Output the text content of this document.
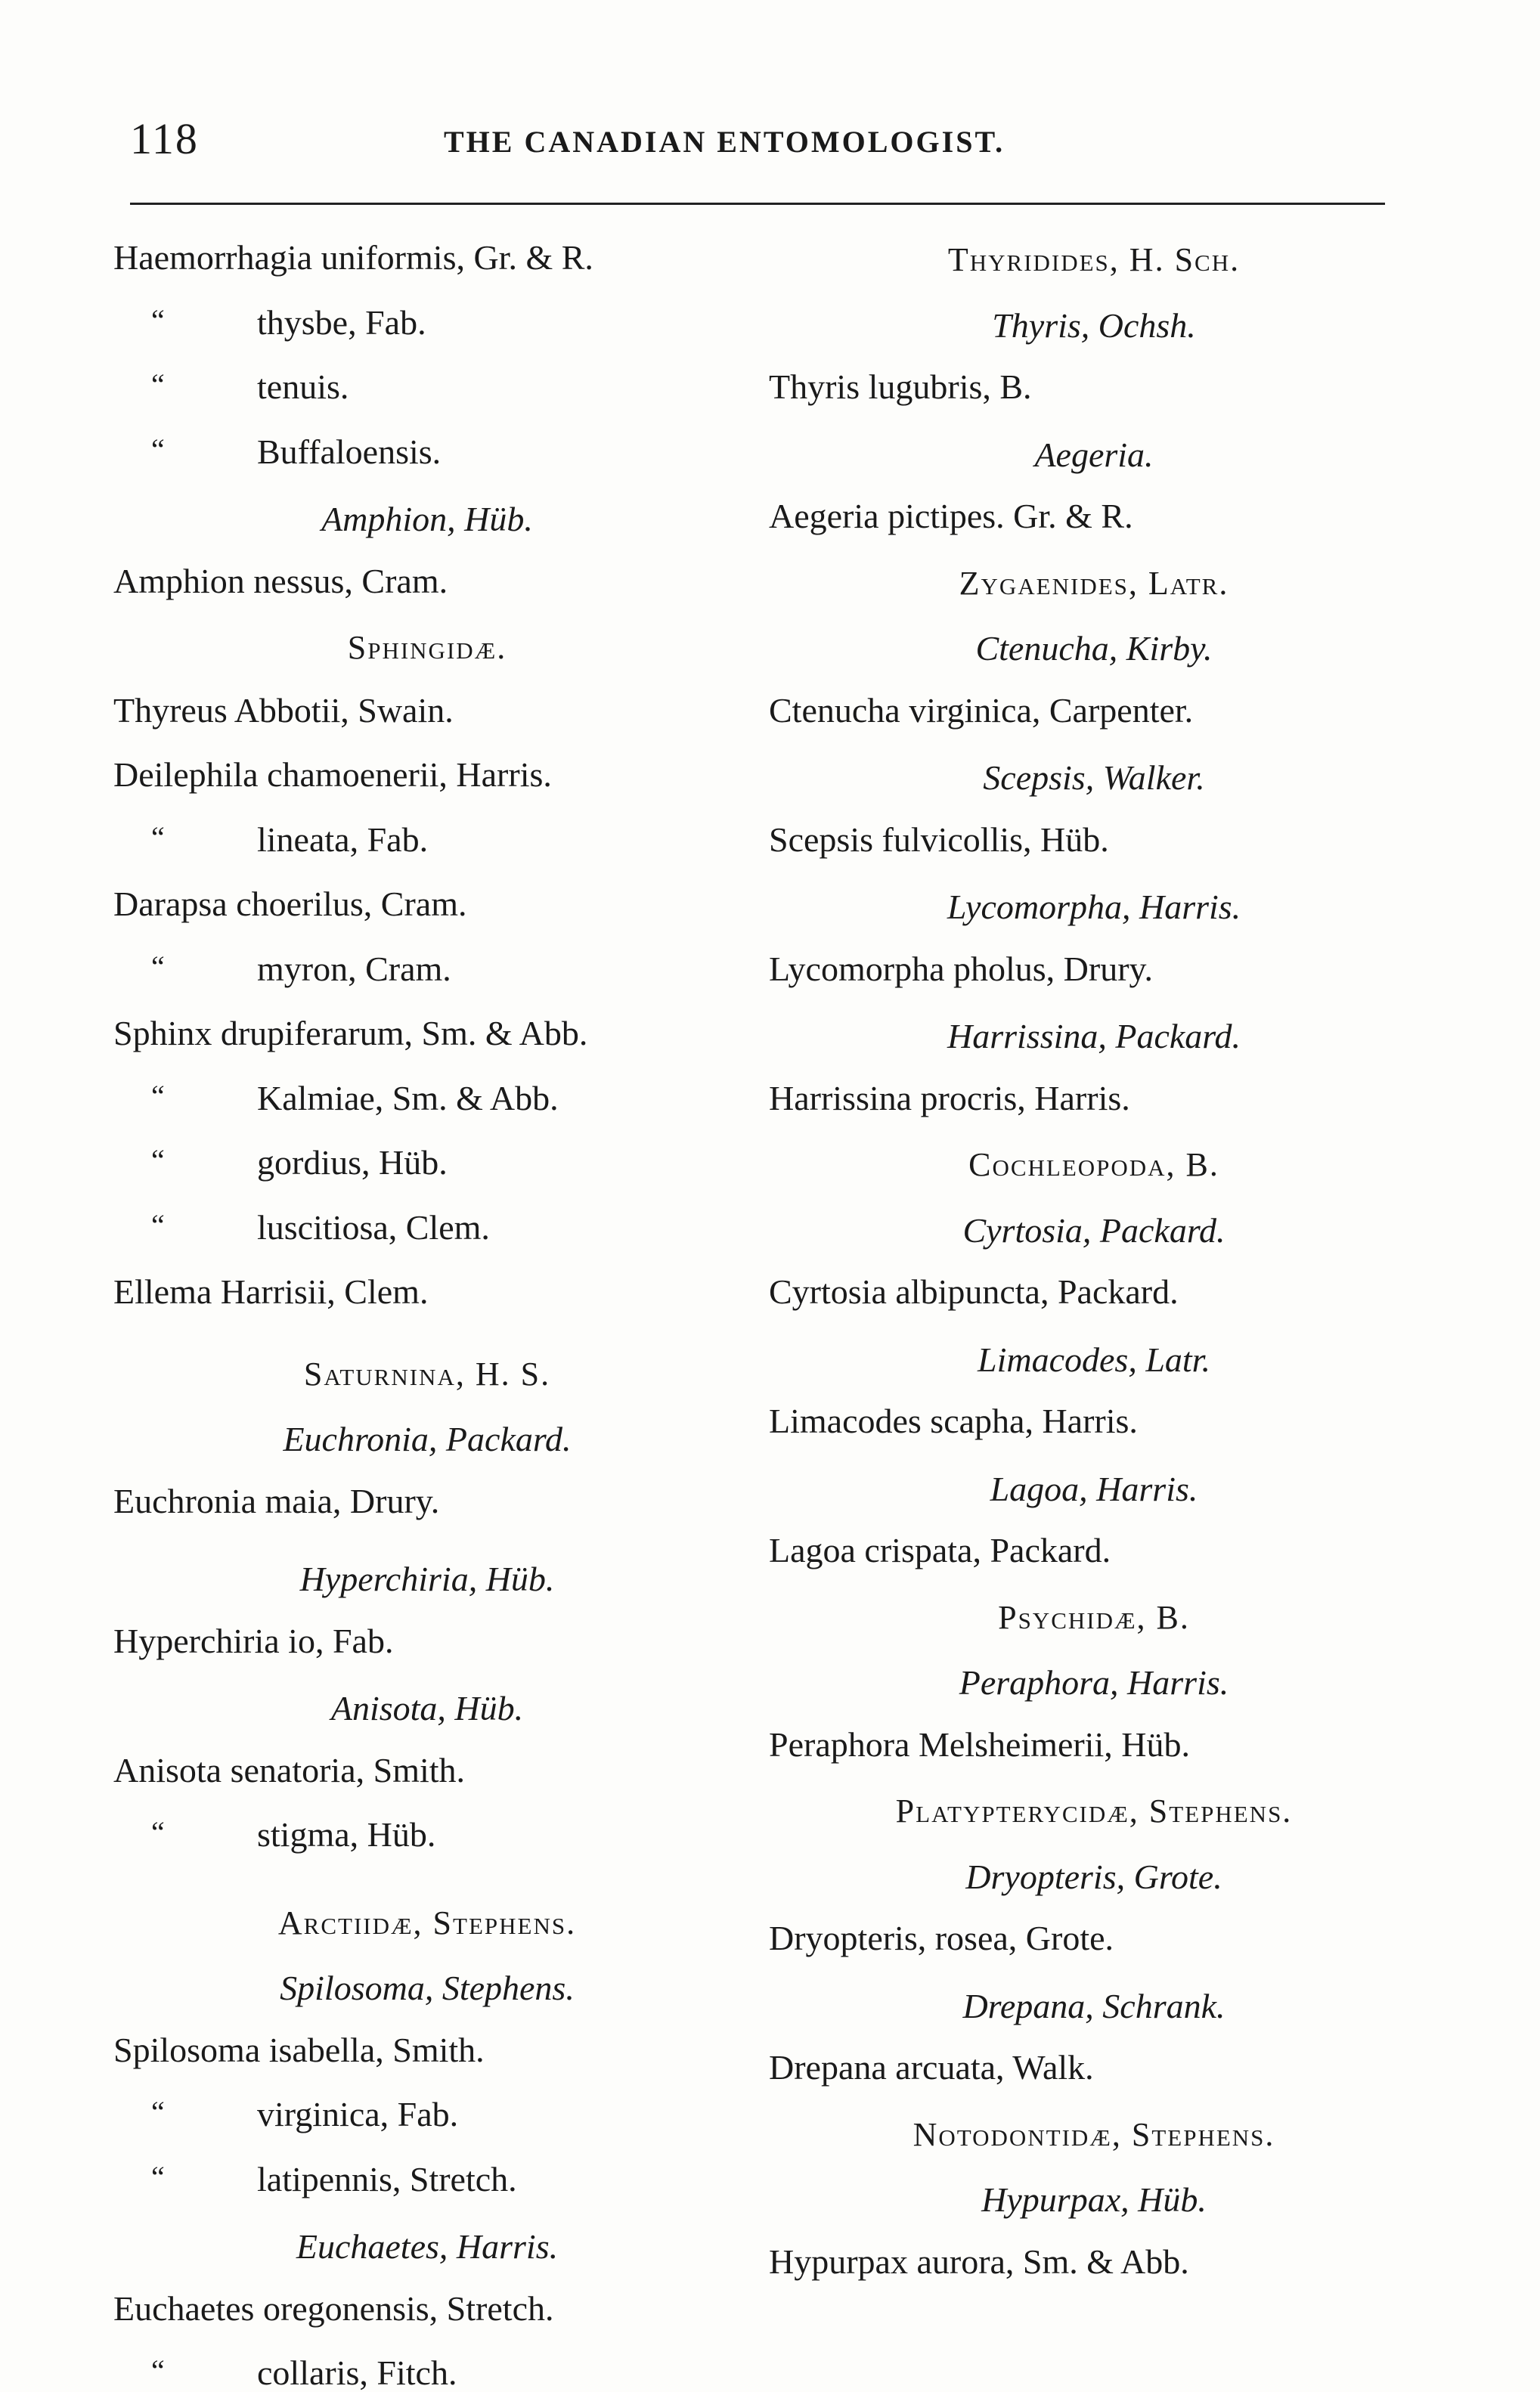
118	THE CANADIAN ENTOMOLOGIST.
Haemorrhagia uniformis, Gr. & R.
“	thysbe, Fab.
“	tenuis.
“	Buffaloensis.
Amphion, Hüb.
Amphion nessus, Cram.
Sphingidæ.
Thyreus Abbotii, Swain.
Deilephila chamoenerii, Harris.
“	lineata, Fab.
Darapsa choerilus, Cram.
“	myron, Cram.
Sphinx drupiferarum, Sm. & Abb.
“	Kalmiae, Sm. & Abb.
“	gordius, Hüb.
“	luscitiosa, Clem.
Ellema Harrisii, Clem.
Saturnina, H. S.
Euchronia, Packard.
Euchronia maia, Drury.
Hyperchiria, Hüb.
Hyperchiria io, Fab.
Anisota, Hüb.
Anisota senatoria, Smith.
“	stigma, Hüb.
Arctiidæ, Stephens.
Spilosoma, Stephens.
Spilosoma isabella, Smith.
“	virginica, Fab.
“	latipennis, Stretch.
Euchaetes, Harris.
Euchaetes oregonensis, Stretch.
“	collaris, Fitch.
Thyridides, H. Sch.
Thyris, Ochsh.
Thyris lugubris, B.
Aegeria.
Aegeria pictipes. Gr. & R.
Zygaenides, Latr.
Ctenucha, Kirby.
Ctenucha virginica, Carpenter.
Scepsis, Walker.
Scepsis fulvicollis, Hüb.
Lycomorpha, Harris.
Lycomorpha pholus, Drury.
Harrissina, Packard.
Harrissina procris, Harris.
Cochleopoda, B.
Cyrtosia, Packard.
Cyrtosia albipuncta, Packard.
Limacodes, Latr.
Limacodes scapha, Harris.
Lagoa, Harris.
Lagoa crispata, Packard.
Psychidæ, B.
Peraphora, Harris.
Peraphora Melsheimerii, Hüb.
Platypterycidæ, Stephens.
Dryopteris, Grote.
Dryopteris, rosea, Grote.
Drepana, Schrank.
Drepana arcuata, Walk.
Notodontidæ, Stephens.
Hypurpax, Hüb.
Hypurpax aurora, Sm. & Abb.
